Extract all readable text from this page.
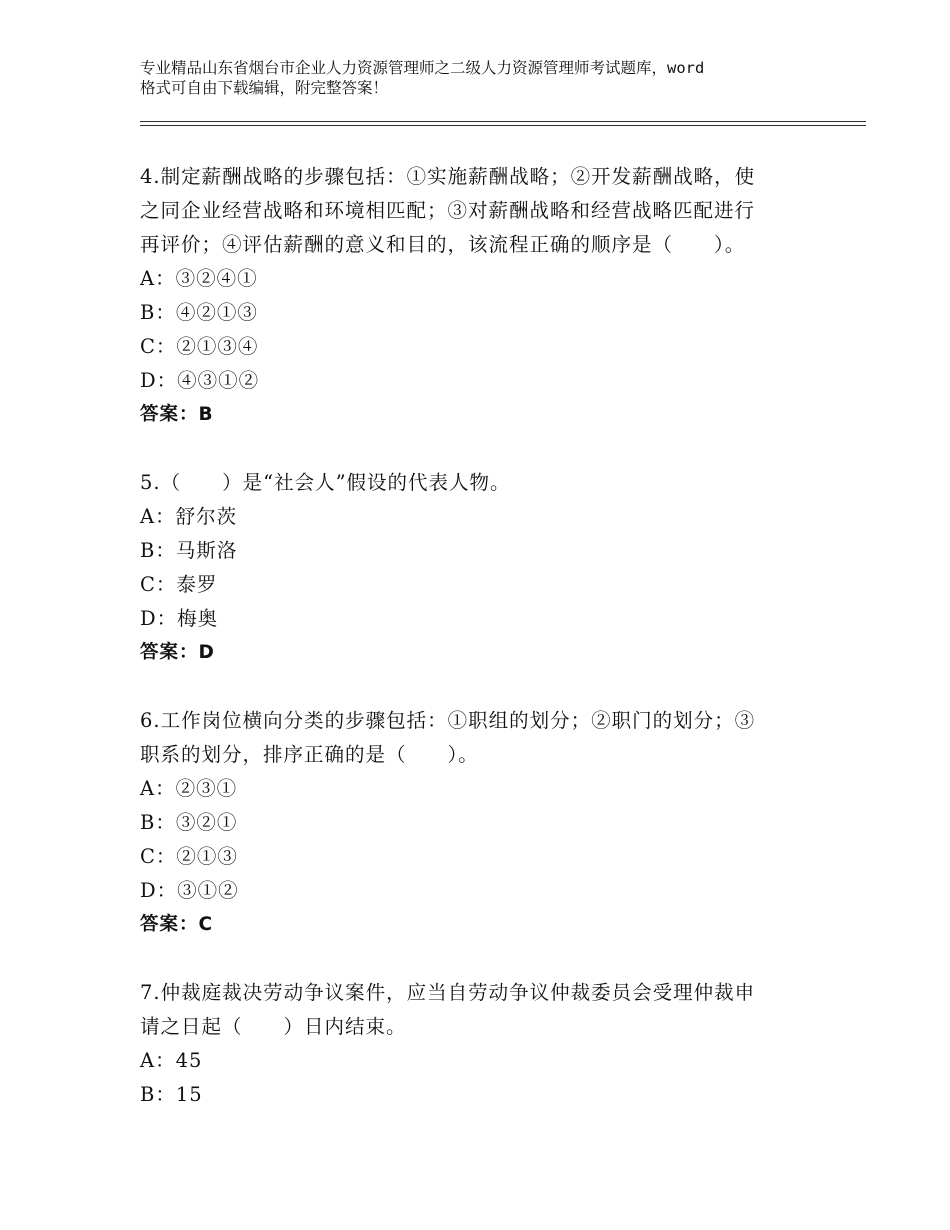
专业精品山东省烟台市企业人力资源管理师之二级人力资源管理师考试题库，word
格式可自由下载编辑，附完整答案！

4.制定薪酬战略的步骤包括：①实施薪酬战略；②开发薪酬战略，使

之同企业经营战略和环境相匹配；③对薪酬战略和经营战略匹配进行

再评价；④评估薪酬的意义和目的，该流程正确的顺序是（　　）。

A：③②④①

B：④②①③

C：②①③④

D：④③①②

答案：B

5.（　　）是“社会人”假设的代表人物。

A：舒尔茨

B：马斯洛

C：泰罗

D：梅奥

答案：D

6.工作岗位横向分类的步骤包括：①职组的划分；②职门的划分；③

职系的划分，排序正确的是（　　）。

A：②③①

B：③②①

C：②①③

D：③①②

答案：C

7.仲裁庭裁决劳动争议案件，应当自劳动争议仲裁委员会受理仲裁申

请之日起（　　）日内结束。

A：45

B：15
